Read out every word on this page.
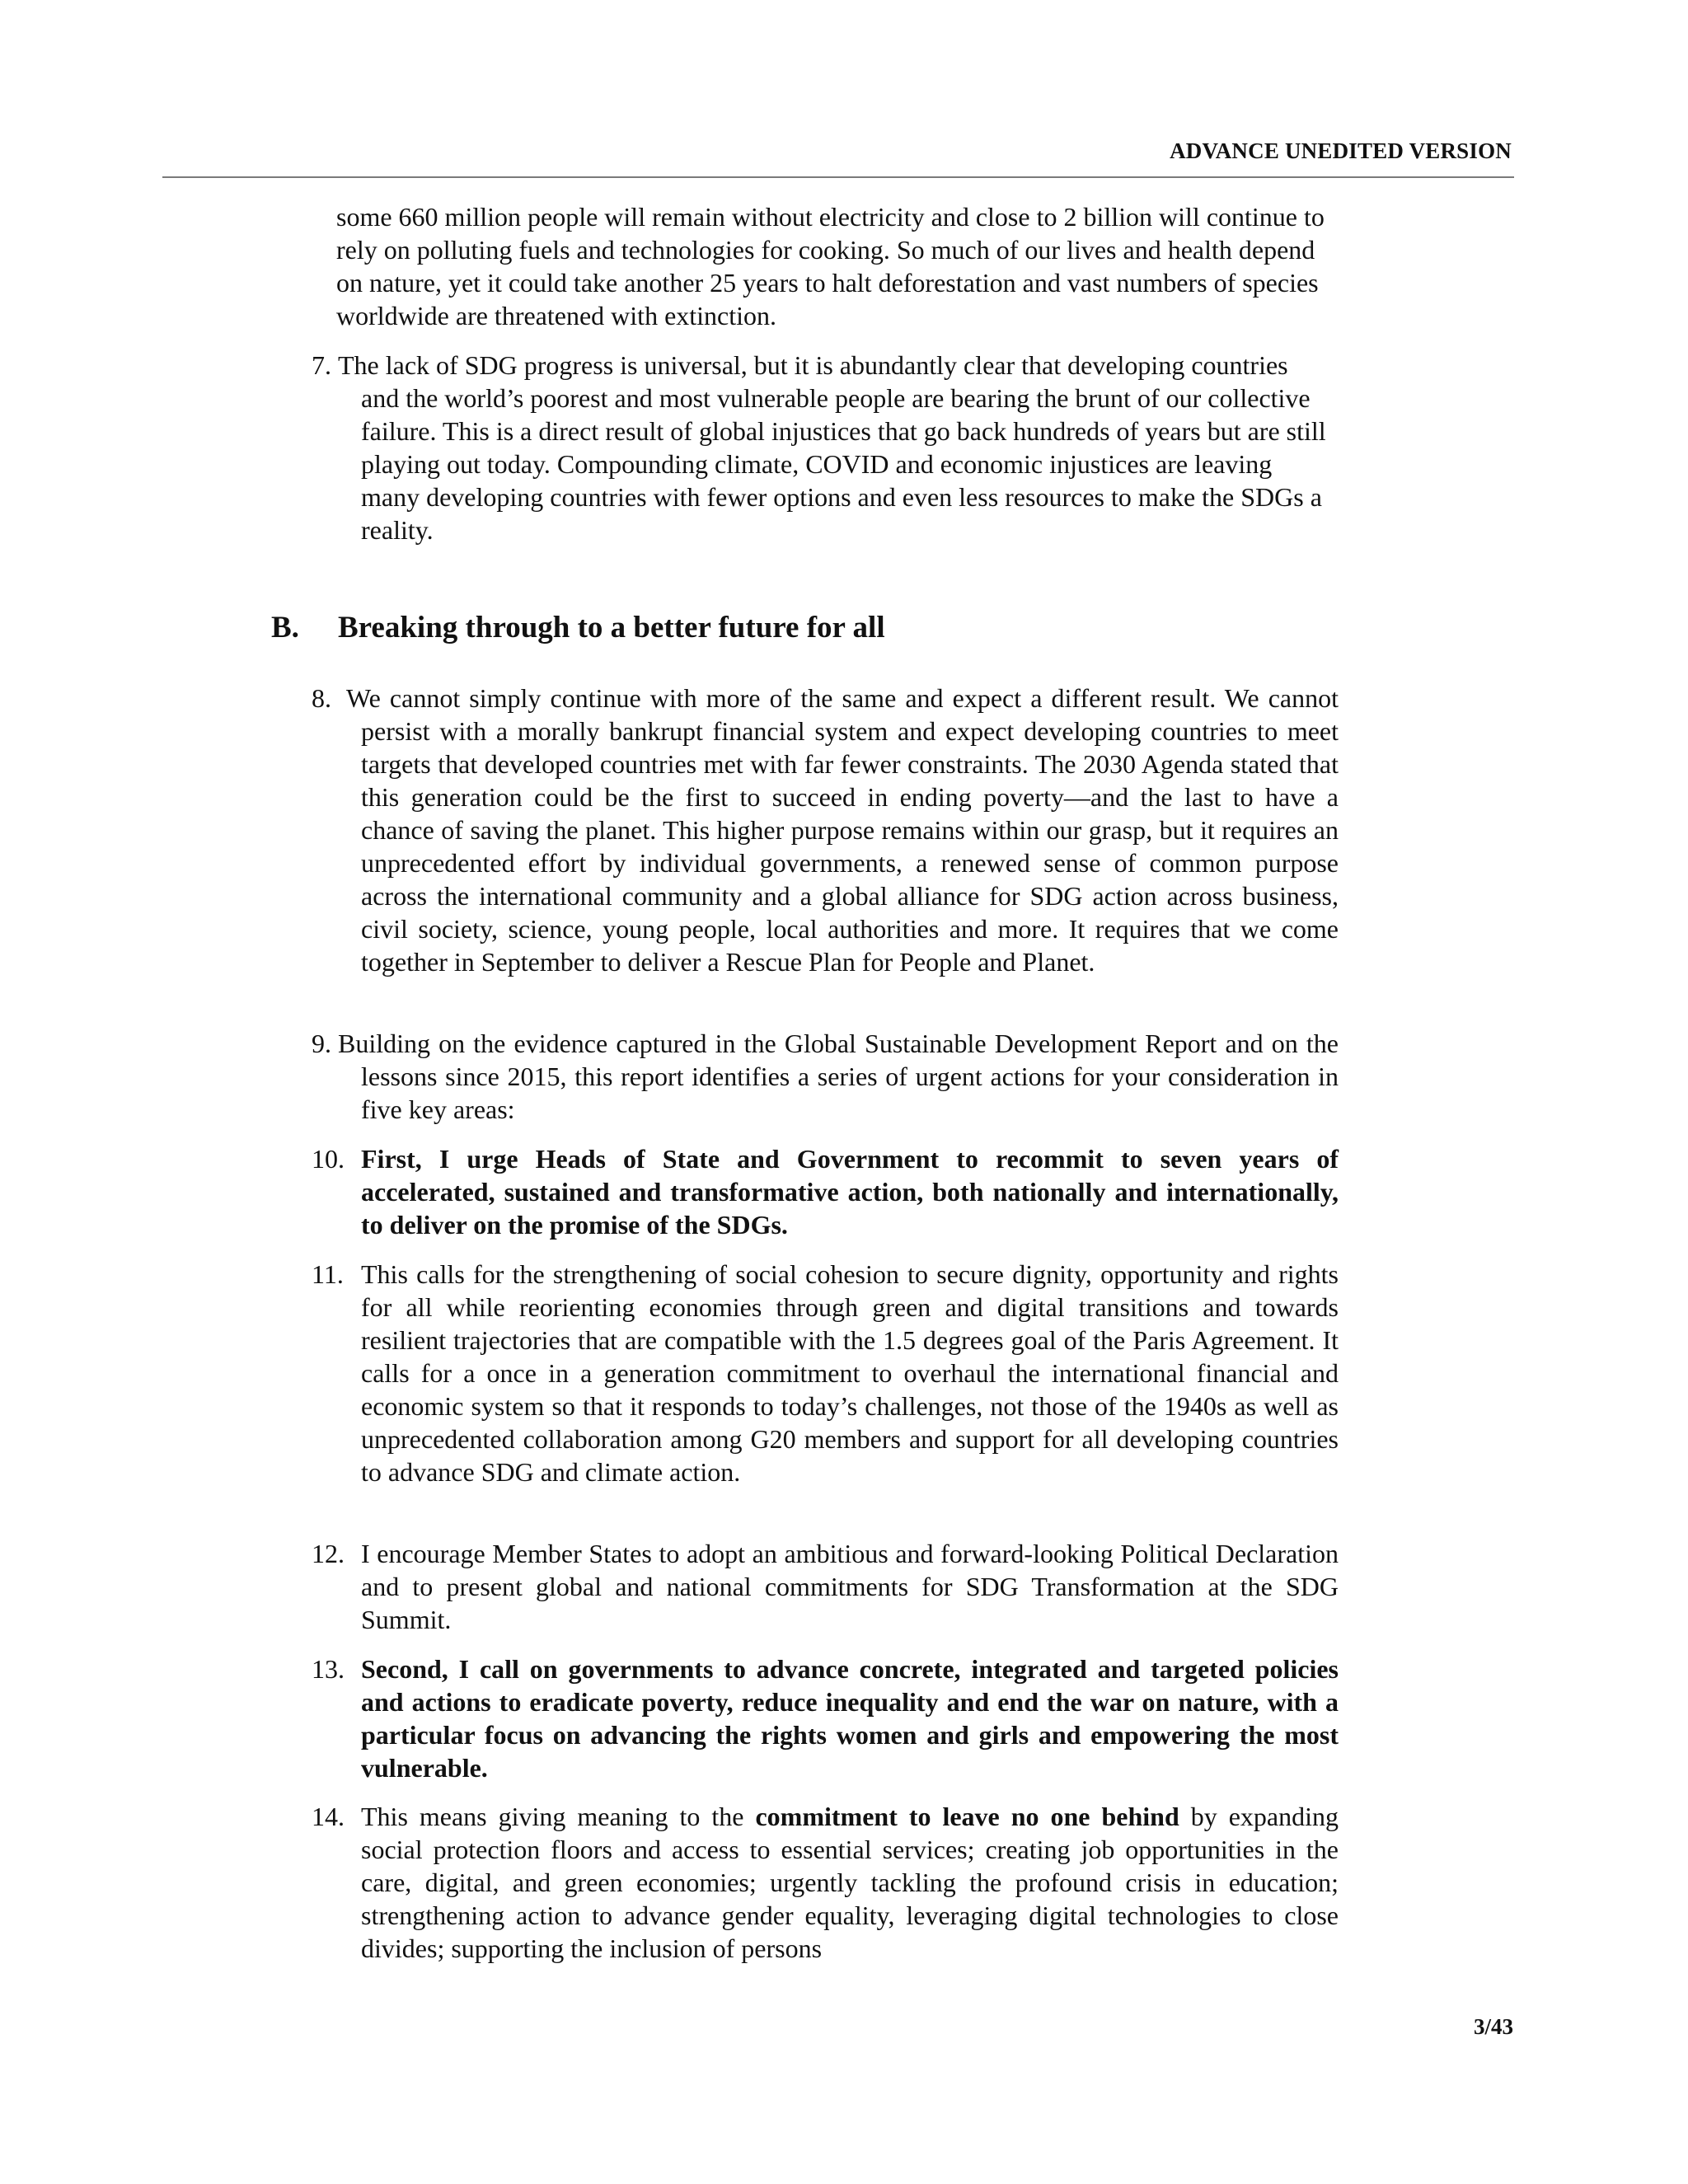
ADVANCE UNEDITED VERSION

some 660 million people will remain without electricity and close to 2 billion will continue to rely on polluting fuels and technologies for cooking. So much of our lives and health depend on nature, yet it could take another 25 years to halt deforestation and vast numbers of species worldwide are threatened with extinction.

7. The lack of SDG progress is universal, but it is abundantly clear that developing countries and the world’s poorest and most vulnerable people are bearing the brunt of our collective failure. This is a direct result of global injustices that go back hundreds of years but are still playing out today. Compounding climate, COVID and economic injustices are leaving many developing countries with fewer options and even less resources to make the SDGs a reality.

B. Breaking through to a better future for all
8. We cannot simply continue with more of the same and expect a different result. We cannot persist with a morally bankrupt financial system and expect developing countries to meet targets that developed countries met with far fewer constraints. The 2030 Agenda stated that this generation could be the first to succeed in ending poverty—and the last to have a chance of saving the planet. This higher purpose remains within our grasp, but it requires an unprecedented effort by individual governments, a renewed sense of common purpose across the international community and a global alliance for SDG action across business, civil society, science, young people, local authorities and more. It requires that we come together in September to deliver a Rescue Plan for People and Planet.

9. Building on the evidence captured in the Global Sustainable Development Report and on the lessons since 2015, this report identifies a series of urgent actions for your consideration in five key areas:

10. First, I urge Heads of State and Government to recommit to seven years of accelerated, sustained and transformative action, both nationally and internationally, to deliver on the promise of the SDGs.

11. This calls for the strengthening of social cohesion to secure dignity, opportunity and rights for all while reorienting economies through green and digital transitions and towards resilient trajectories that are compatible with the 1.5 degrees goal of the Paris Agreement. It calls for a once in a generation commitment to overhaul the international financial and economic system so that it responds to today’s challenges, not those of the 1940s as well as unprecedented collaboration among G20 members and support for all developing countries to advance SDG and climate action.

12. I encourage Member States to adopt an ambitious and forward-looking Political Declaration and to present global and national commitments for SDG Transformation at the SDG Summit.

13. Second, I call on governments to advance concrete, integrated and targeted policies and actions to eradicate poverty, reduce inequality and end the war on nature, with a particular focus on advancing the rights women and girls and empowering the most vulnerable.

14. This means giving meaning to the commitment to leave no one behind by expanding social protection floors and access to essential services; creating job opportunities in the care, digital, and green economies; urgently tackling the profound crisis in education; strengthening action to advance gender equality, leveraging digital technologies to close divides; supporting the inclusion of persons

3/43
